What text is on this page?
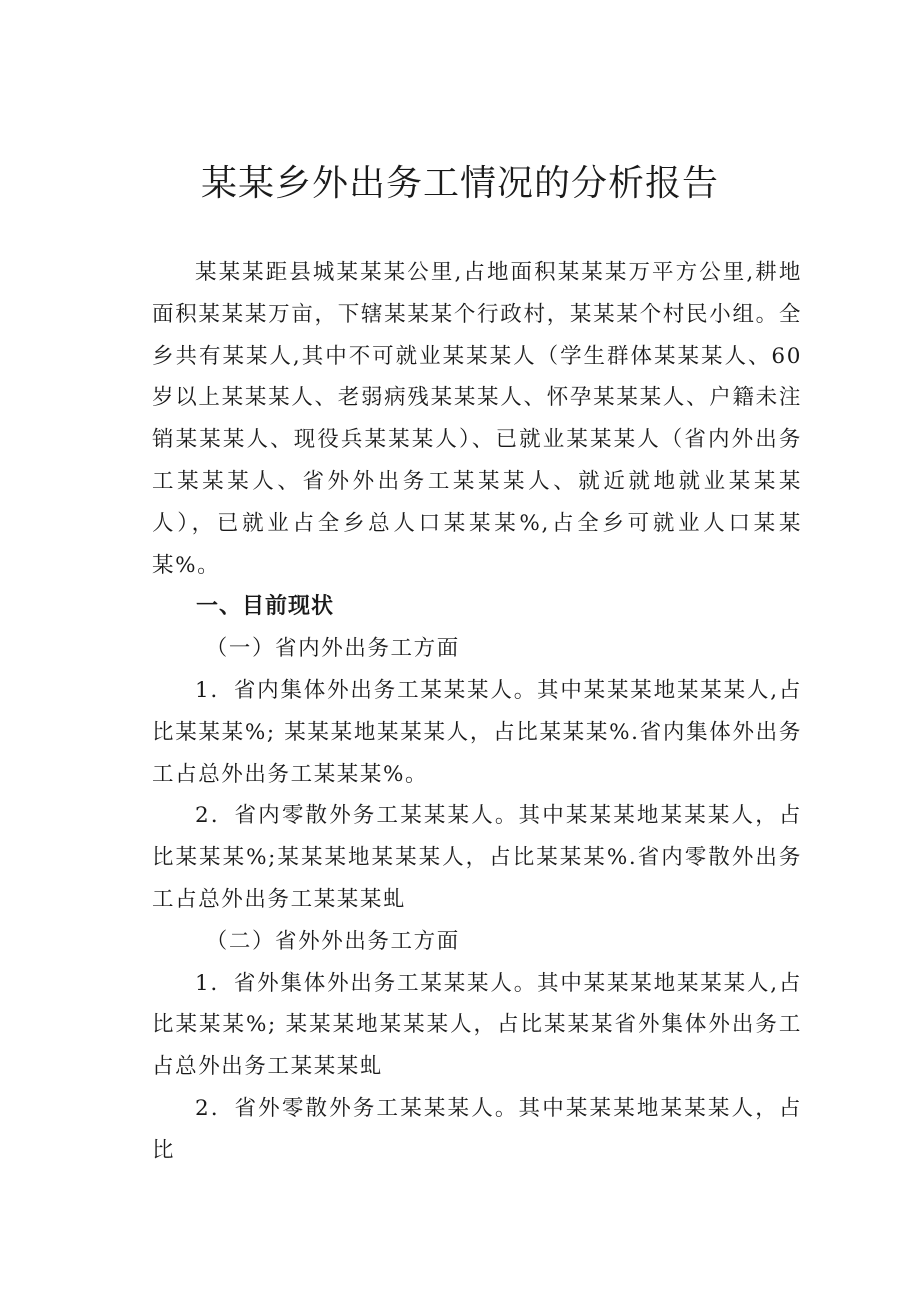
某某乡外出务工情况的分析报告

某某某距县城某某某公里,占地面积某某某万平方公里,耕地面积某某某万亩，下辖某某某个行政村，某某某个村民小组。全乡共有某某人,其中不可就业某某某人（学生群体某某某人、60岁以上某某某人、老弱病残某某某人、怀孕某某某人、户籍未注销某某某人、现役兵某某某人）、已就业某某某人（省内外出务工某某某人、省外外出务工某某某人、就近就地就业某某某人），已就业占全乡总人口某某某%,占全乡可就业人口某某某%。

一、目前现状

（一）省内外出务工方面

1．省内集体外出务工某某某人。其中某某某地某某某人,占比某某某%; 某某某地某某某人，占比某某某%.省内集体外出务工占总外出务工某某某%。

2．省内零散外务工某某某人。其中某某某地某某某人，占比某某某%;某某某地某某某人，占比某某某%.省内零散外出务工占总外出务工某某某虬

（二）省外外出务工方面

1．省外集体外出务工某某某人。其中某某某地某某某人,占比某某某%; 某某某地某某某人，占比某某某省外集体外出务工占总外出务工某某某虬

2．省外零散外务工某某某人。其中某某某地某某某人，占比
